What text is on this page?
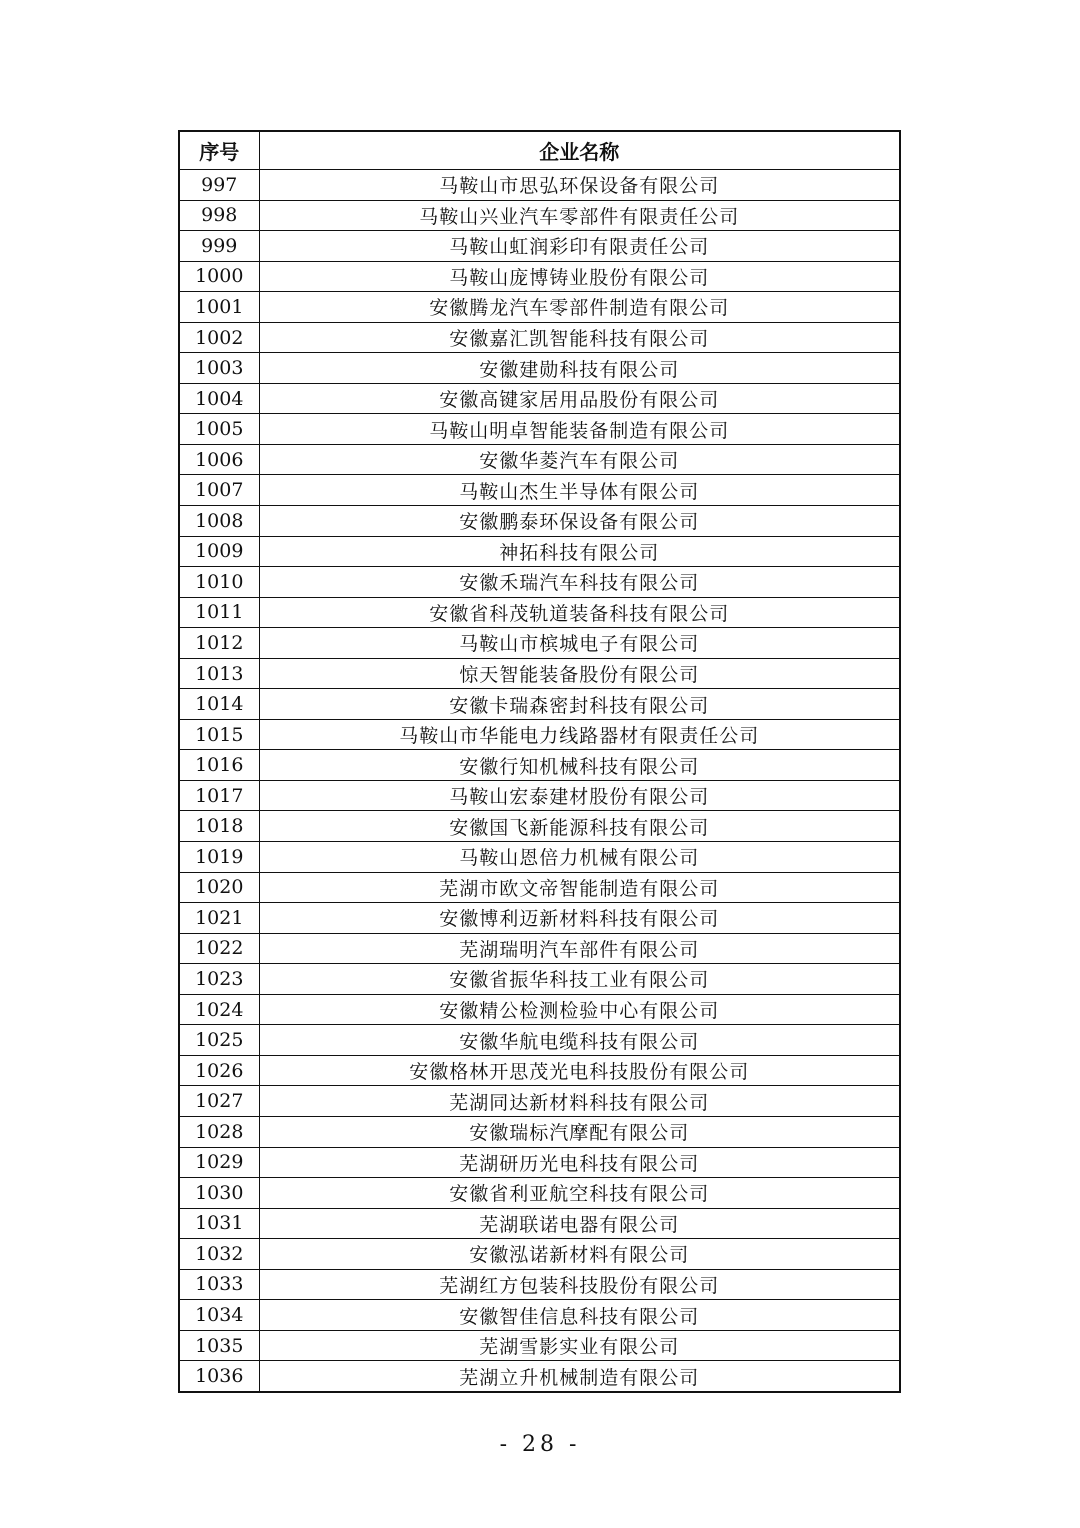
序号	企业名称
997	马鞍山市思弘环保设备有限公司
998	马鞍山兴业汽车零部件有限责任公司
999	马鞍山虹润彩印有限责任公司
1000	马鞍山庞博铸业股份有限公司
1001	安徽腾龙汽车零部件制造有限公司
1002	安徽嘉汇凯智能科技有限公司
1003	安徽建勋科技有限公司
1004	安徽高键家居用品股份有限公司
1005	马鞍山明卓智能装备制造有限公司
1006	安徽华菱汽车有限公司
1007	马鞍山杰生半导体有限公司
1008	安徽鹏泰环保设备有限公司
1009	神拓科技有限公司
1010	安徽禾瑞汽车科技有限公司
1011	安徽省科茂轨道装备科技有限公司
1012	马鞍山市槟城电子有限公司
1013	惊天智能装备股份有限公司
1014	安徽卡瑞森密封科技有限公司
1015	马鞍山市华能电力线路器材有限责任公司
1016	安徽行知机械科技有限公司
1017	马鞍山宏泰建材股份有限公司
1018	安徽国飞新能源科技有限公司
1019	马鞍山恩倍力机械有限公司
1020	芜湖市欧文帝智能制造有限公司
1021	安徽博利迈新材料科技有限公司
1022	芜湖瑞明汽车部件有限公司
1023	安徽省振华科技工业有限公司
1024	安徽精公检测检验中心有限公司
1025	安徽华航电缆科技有限公司
1026	安徽格林开思茂光电科技股份有限公司
1027	芜湖同达新材料科技有限公司
1028	安徽瑞标汽摩配有限公司
1029	芜湖研历光电科技有限公司
1030	安徽省利亚航空科技有限公司
1031	芜湖联诺电器有限公司
1032	安徽泓诺新材料有限公司
1033	芜湖红方包装科技股份有限公司
1034	安徽智佳信息科技有限公司
1035	芜湖雪影实业有限公司
1036	芜湖立升机械制造有限公司
- 28 -
